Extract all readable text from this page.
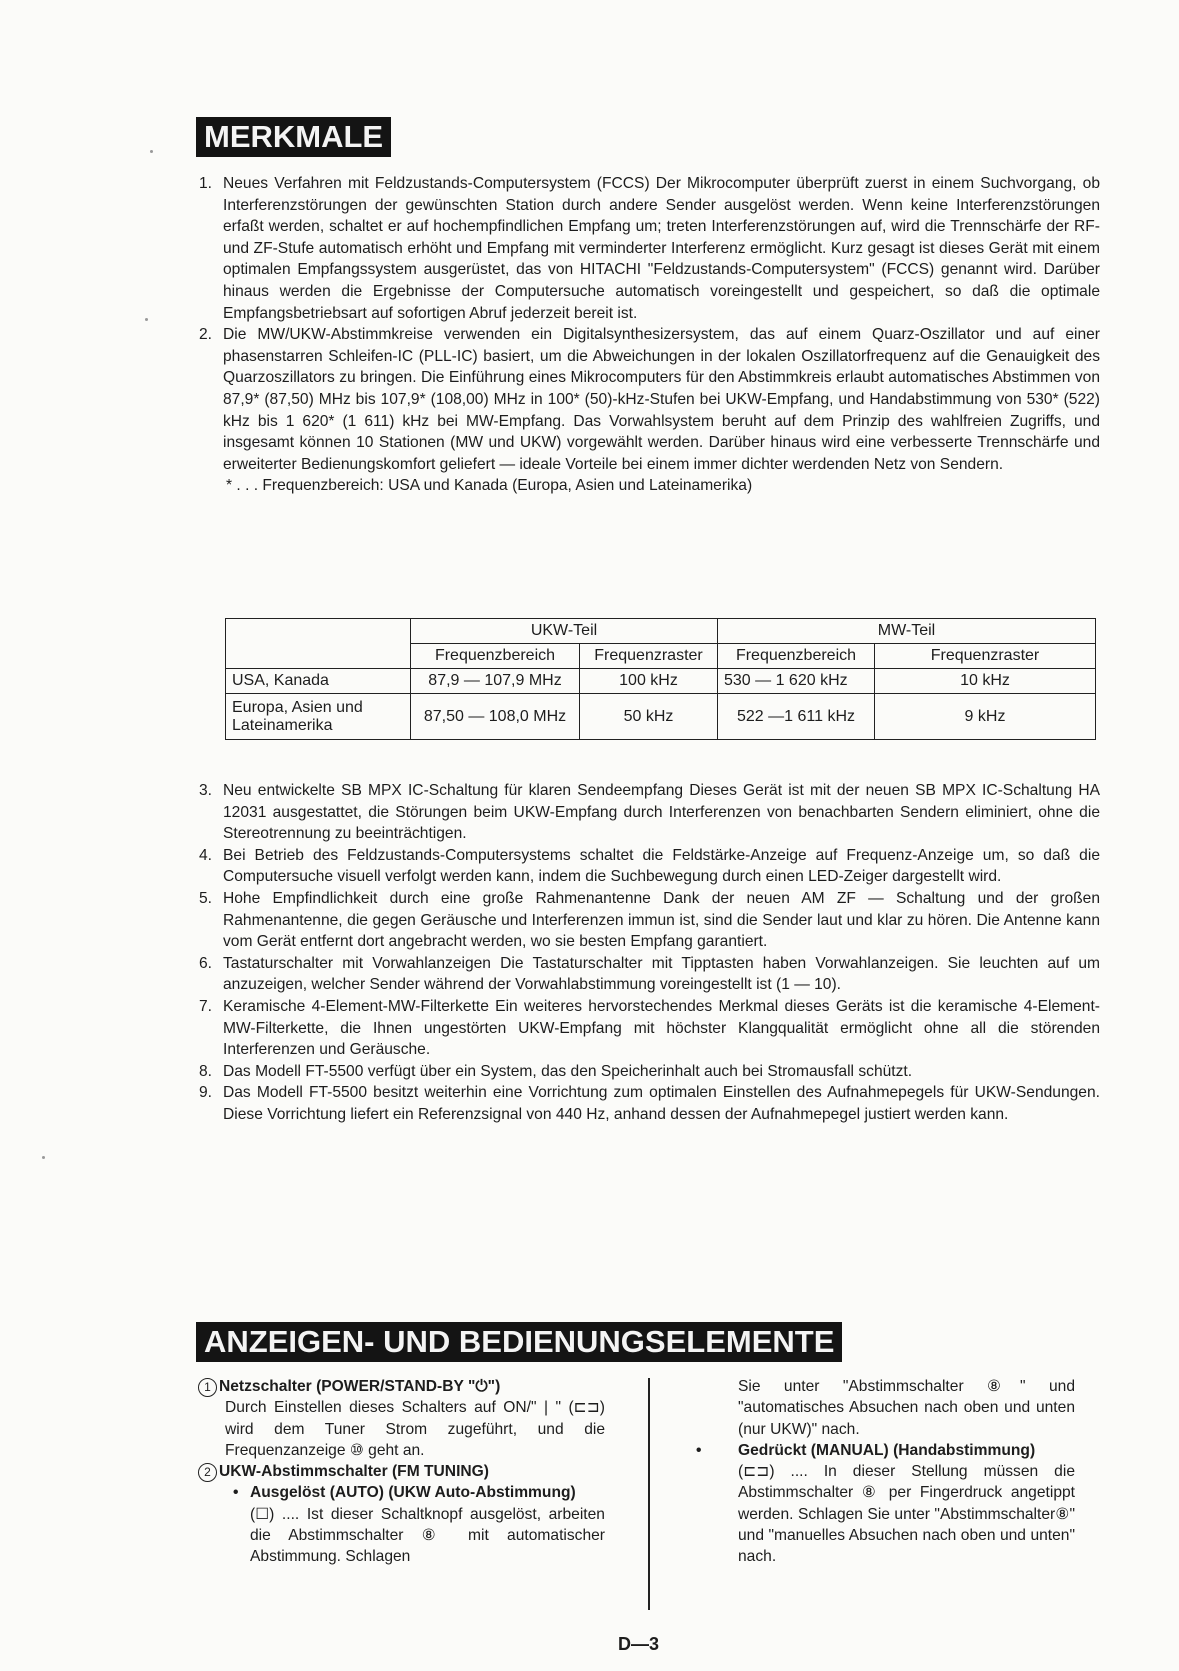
MERKMALE
1. Neues Verfahren mit Feldzustands-Computersystem (FCCS) Der Mikrocomputer überprüft zuerst in einem Suchvorgang, ob Interferenzstörungen der gewünschten Station durch andere Sender ausgelöst werden. Wenn keine Interferenzstörungen erfaßt werden, schaltet er auf hochempfindlichen Empfang um; treten Interferenzstörungen auf, wird die Trennschärfe der RF- und ZF-Stufe automatisch erhöht und Empfang mit verminderter Interferenz ermöglicht. Kurz gesagt ist dieses Gerät mit einem optimalen Empfangssystem ausgerüstet, das von HITACHI "Feldzustands-Computersystem" (FCCS) genannt wird. Darüber hinaus werden die Ergebnisse der Computersuche automatisch voreingestellt und gespeichert, so daß die optimale Empfangsbetriebsart auf sofortigen Abruf jederzeit bereit ist.

2. Die MW/UKW-Abstimmkreise verwenden ein Digitalsynthesizersystem, das auf einem Quarz-Oszillator und auf einer phasenstarren Schleifen-IC (PLL-IC) basiert, um die Abweichungen in der lokalen Oszillatorfrequenz auf die Genauigkeit des Quarzoszillators zu bringen. Die Einführung eines Mikrocomputers für den Abstimmkreis erlaubt automatisches Abstimmen von 87,9* (87,50) MHz bis 107,9* (108,00) MHz in 100* (50)-kHz-Stufen bei UKW-Empfang, und Handabstimmung von 530* (522) kHz bis 1 620* (1 611) kHz bei MW-Empfang. Das Vorwahlsystem beruht auf dem Prinzip des wahlfreien Zugriffs, und insgesamt können 10 Stationen (MW und UKW) vorgewählt werden. Darüber hinaus wird eine verbesserte Trennschärfe und erweiterter Bedienungskomfort geliefert — ideale Vorteile bei einem immer dichter werdenden Netz von Sendern.

* . . . Frequenzbereich: USA und Kanada (Europa, Asien und Lateinamerika)
	UKW-Teil		MW-Teil	
	Frequenzbereich	Frequenzraster	Frequenzbereich	Frequenzraster
USA, Kanada	87,9 — 107,9 MHz	100 kHz	530 — 1 620 kHz	10 kHz
Europa, Asien und Lateinamerika	87,50 — 108,0 MHz	50 kHz	522 —1 611 kHz	9 kHz
3. Neu entwickelte SB MPX IC-Schaltung für klaren Sendeempfang Dieses Gerät ist mit der neuen SB MPX IC-Schaltung HA 12031 ausgestattet, die Störungen beim UKW-Empfang durch Interferenzen von benachbarten Sendern eliminiert, ohne die Stereotrennung zu beeinträchtigen.

4. Bei Betrieb des Feldzustands-Computersystems schaltet die Feldstärke-Anzeige auf Frequenz-Anzeige um, so daß die Computersuche visuell verfolgt werden kann, indem die Suchbewegung durch einen LED-Zeiger dargestellt wird.

5. Hohe Empfindlichkeit durch eine große Rahmenantenne Dank der neuen AM ZF — Schaltung und der großen Rahmenantenne, die gegen Geräusche und Interferenzen immun ist, sind die Sender laut und klar zu hören. Die Antenne kann vom Gerät entfernt dort angebracht werden, wo sie besten Empfang garantiert.

6. Tastaturschalter mit Vorwahlanzeigen Die Tastaturschalter mit Tipptasten haben Vorwahlanzeigen. Sie leuchten auf um anzuzeigen, welcher Sender während der Vorwahlabstimmung voreingestellt ist (1 — 10).

7. Keramische 4-Element-MW-Filterkette Ein weiteres hervorstechendes Merkmal dieses Geräts ist die keramische 4-Element-MW-Filterkette, die Ihnen ungestörten UKW-Empfang mit höchster Klangqualität ermöglicht ohne all die störenden Interferenzen und Geräusche.

8. Das Modell FT-5500 verfügt über ein System, das den Speicherinhalt auch bei Stromausfall schützt.

9. Das Modell FT-5500 besitzt weiterhin eine Vorrichtung zum optimalen Einstellen des Aufnahmepegels für UKW-Sendungen. Diese Vorrichtung liefert ein Referenzsignal von 440 Hz, anhand dessen der Aufnahmepegel justiert werden kann.

ANZEIGEN- UND BEDIENUNGSELEMENTE
1 Netzschalter (POWER/STAND-BY "⏻")
Durch Einstellen dieses Schalters auf ON/" | " (⊏⊐) wird dem Tuner Strom zugeführt, und die Frequenzanzeige ⑩ geht an.
2 UKW-Abstimmschalter (FM TUNING)
• Ausgelöst (AUTO) (UKW Auto-Abstimmung)
(☐) .... Ist dieser Schaltknopf ausgelöst, arbeiten die Abstimmschalter ⑧ mit automatischer Abstimmung. Schlagen
Sie unter "Abstimmschalter ⑧" und "automatisches Absuchen nach oben und unten (nur UKW)" nach.
• Gedrückt (MANUAL) (Handabstimmung)
(⊏⊐) .... In dieser Stellung müssen die Abstimmschalter ⑧ per Fingerdruck angetippt werden. Schlagen Sie unter "Abstimmschalter⑧" und "manuelles Absuchen nach oben und unten" nach.
D—3
